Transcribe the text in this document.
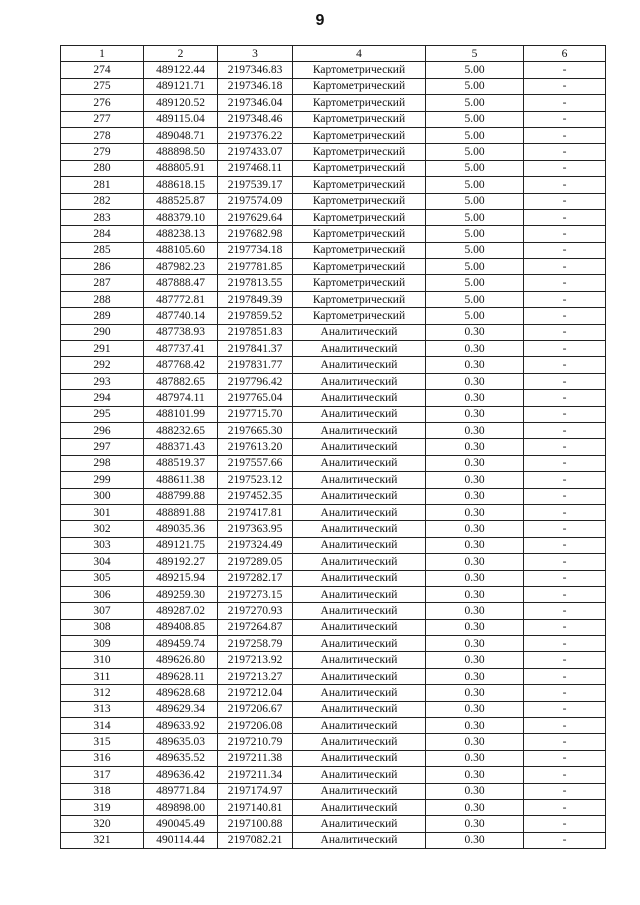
9
1	2	3	4	5	6
274	489122.44	2197346.83	Картометрический	5.00	-
275	489121.71	2197346.18	Картометрический	5.00	-
276	489120.52	2197346.04	Картометрический	5.00	-
277	489115.04	2197348.46	Картометрический	5.00	-
278	489048.71	2197376.22	Картометрический	5.00	-
279	488898.50	2197433.07	Картометрический	5.00	-
280	488805.91	2197468.11	Картометрический	5.00	-
281	488618.15	2197539.17	Картометрический	5.00	-
282	488525.87	2197574.09	Картометрический	5.00	-
283	488379.10	2197629.64	Картометрический	5.00	-
284	488238.13	2197682.98	Картометрический	5.00	-
285	488105.60	2197734.18	Картометрический	5.00	-
286	487982.23	2197781.85	Картометрический	5.00	-
287	487888.47	2197813.55	Картометрический	5.00	-
288	487772.81	2197849.39	Картометрический	5.00	-
289	487740.14	2197859.52	Картометрический	5.00	-
290	487738.93	2197851.83	Аналитический	0.30	-
291	487737.41	2197841.37	Аналитический	0.30	-
292	487768.42	2197831.77	Аналитический	0.30	-
293	487882.65	2197796.42	Аналитический	0.30	-
294	487974.11	2197765.04	Аналитический	0.30	-
295	488101.99	2197715.70	Аналитический	0.30	-
296	488232.65	2197665.30	Аналитический	0.30	-
297	488371.43	2197613.20	Аналитический	0.30	-
298	488519.37	2197557.66	Аналитический	0.30	-
299	488611.38	2197523.12	Аналитический	0.30	-
300	488799.88	2197452.35	Аналитический	0.30	-
301	488891.88	2197417.81	Аналитический	0.30	-
302	489035.36	2197363.95	Аналитический	0.30	-
303	489121.75	2197324.49	Аналитический	0.30	-
304	489192.27	2197289.05	Аналитический	0.30	-
305	489215.94	2197282.17	Аналитический	0.30	-
306	489259.30	2197273.15	Аналитический	0.30	-
307	489287.02	2197270.93	Аналитический	0.30	-
308	489408.85	2197264.87	Аналитический	0.30	-
309	489459.74	2197258.79	Аналитический	0.30	-
310	489626.80	2197213.92	Аналитический	0.30	-
311	489628.11	2197213.27	Аналитический	0.30	-
312	489628.68	2197212.04	Аналитический	0.30	-
313	489629.34	2197206.67	Аналитический	0.30	-
314	489633.92	2197206.08	Аналитический	0.30	-
315	489635.03	2197210.79	Аналитический	0.30	-
316	489635.52	2197211.38	Аналитический	0.30	-
317	489636.42	2197211.34	Аналитический	0.30	-
318	489771.84	2197174.97	Аналитический	0.30	-
319	489898.00	2197140.81	Аналитический	0.30	-
320	490045.49	2197100.88	Аналитический	0.30	-
321	490114.44	2197082.21	Аналитический	0.30	-
